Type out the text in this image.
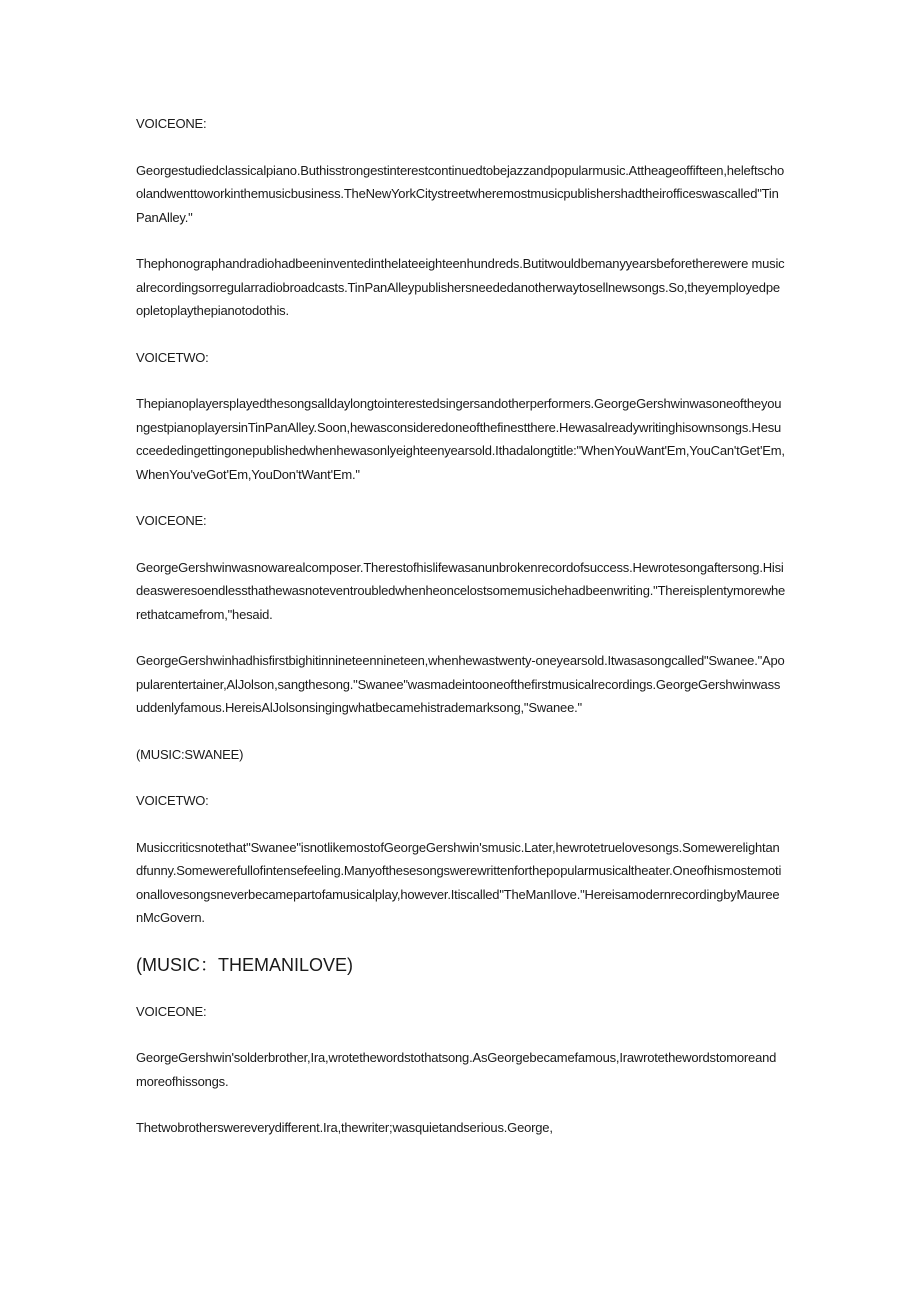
VOICEONE:

Georgestudiedclassicalpiano.Buthisstrongestinterestcontinuedtobejazzandpopularmusic.Attheageoffifteen,heleftschoolandwenttoworkinthemusicbusiness.TheNewYorkCitystreetwheremostmusicpublishershadtheirofficeswascalled"TinPanAlley."

Thephonographandradiohadbeeninventedinthelateeighteenhundreds.Butitwouldbemanyyearsbeforetherewere musicalrecordingsorregularradiobroadcasts.TinPanAlleypublishersneededanotherwaytosellnewsongs.So,theyemployedpeopletoplaythepianotodothis.

VOICETWO:

Thepianoplayersplayedthesongsalldaylongtointerestedsingersandotherperformers.GeorgeGershwinwasoneoftheyoungestpianoplayersinTinPanAlley.Soon,hewasconsideredoneofthefinestthere.Hewasalreadywritinghisownsongs.Hesucceededingettingonepublishedwhenhewasonlyeighteenyearsold.Ithadalongtitle:"WhenYouWant'Em,YouCan'tGet'Em,WhenYou'veGot'Em,YouDon'tWant'Em."

VOICEONE:

GeorgeGershwinwasnowarealcomposer.Therestofhislifewasanunbrokenrecordofsuccess.Hewrotesongaftersong.Hisideasweresoendlessthathewasnoteventroubledwhenheoncelostsomemusichehadbeenwriting."Thereisplentymorewherethatcamefrom,"hesaid.

GeorgeGershwinhadhisfirstbighitinnineteennineteen,whenhewastwenty-oneyearsold.Itwasasongcalled"Swanee."Apopularentertainer,AlJolson,sangthesong."Swanee"wasmadeintooneofthefirstmusicalrecordings.GeorgeGershwinwassuddenlyfamous.HereisAlJolsonsingingwhatbecamehistrademarksong,"Swanee."

(MUSIC:SWANEE)

VOICETWO:

Musiccriticsnotethat"Swanee"isnotlikemostofGeorgeGershwin'smusic.Later,hewrotetruelovesongs.Somewerelightandfunny.Somewerefullofintensefeeling.Manyofthesesongswerewrittenforthepopularmusicaltheater.Oneofhismostemotionallovesongsneverbecamepartofamusicalplay,however.Itiscalled"TheManIlove."HereisamodernrecordingbyMaureenMcGovern.

(MUSIC：THEMANILOVE)

VOICEONE:

GeorgeGershwin'solderbrother,Ira,wrotethewordstothatsong.AsGeorgebecamefamous,Irawrotethewordstomoreandmoreofhissongs.

Thetwobrotherswereverydifferent.Ira,thewriter;wasquietandserious.George,
